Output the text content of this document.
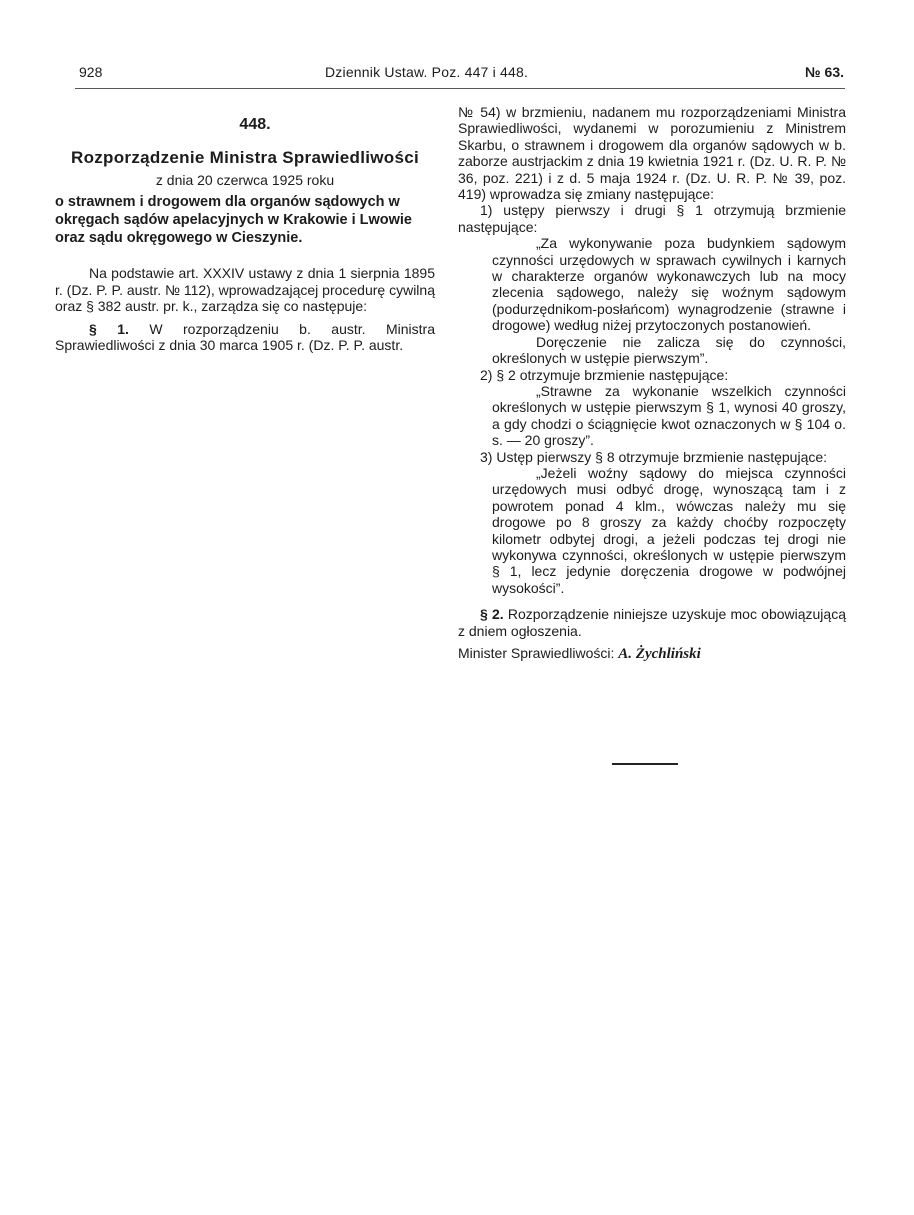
928	Dziennik Ustaw. Poz. 447 i 448.	№ 63.
448.
Rozporządzenie Ministra Sprawiedliwości
z dnia 20 czerwca 1925 roku
o strawnem i drogowem dla organów sądowych w okręgach sądów apelacyjnych w Krakowie i Lwowie oraz sądu okręgowego w Cieszynie.

Na podstawie art. XXXIV ustawy z dnia 1 sierpnia 1895 r. (Dz. P. P. austr. № 112), wprowadzającej procedurę cywilną oraz § 382 austr. pr. k., zarządza się co następuje:

§ 1. W rozporządzeniu b. austr. Ministra Sprawiedliwości z dnia 30 marca 1905 r. (Dz. P. P. austr.

№ 54) w brzmieniu, nadanem mu rozporządzeniami Ministra Sprawiedliwości, wydanemi w porozumieniu z Ministrem Skarbu, o strawnem i drogowem dla organów sądowych w b. zaborze austrjackim z dnia 19 kwietnia 1921 r. (Dz. U. R. P. № 36, poz. 221) i z d. 5 maja 1924 r. (Dz. U. R. P. № 39, poz. 419) wprowadza się zmiany następujące:

1) ustępy pierwszy i drugi § 1 otrzymują brzmienie następujące:

„Za wykonywanie poza budynkiem sądowym czynności urzędowych w sprawach cywilnych i karnych w charakterze organów wykonawczych lub na mocy zlecenia sądowego, należy się woźnym sądowym (podurzędnikom-posłańcom) wynagrodzenie (strawne i drogowe) według niżej przytoczonych postanowień.

Doręczenie nie zalicza się do czynności, określonych w ustępie pierwszym”.

2) § 2 otrzymuje brzmienie następujące:

„Strawne za wykonanie wszelkich czynności określonych w ustępie pierwszym § 1, wynosi 40 groszy, a gdy chodzi o ściągnięcie kwot oznaczonych w § 104 o. s. — 20 groszy”.

3) Ustęp pierwszy § 8 otrzymuje brzmienie następujące:

„Jeżeli woźny sądowy do miejsca czynności urzędowych musi odbyć drogę, wynoszącą tam i z powrotem ponad 4 klm., wówczas należy mu się drogowe po 8 groszy za każdy choćby rozpoczęty kilometr odbytej drogi, a jeżeli podczas tej drogi nie wykonywa czynności, określonych w ustępie pierwszym § 1, lecz jedynie doręczenia drogowe w podwójnej wysokości”.

§ 2. Rozporządzenie niniejsze uzyskuje moc obowiązującą z dniem ogłoszenia.

Minister Sprawiedliwości: A. Żychliński
